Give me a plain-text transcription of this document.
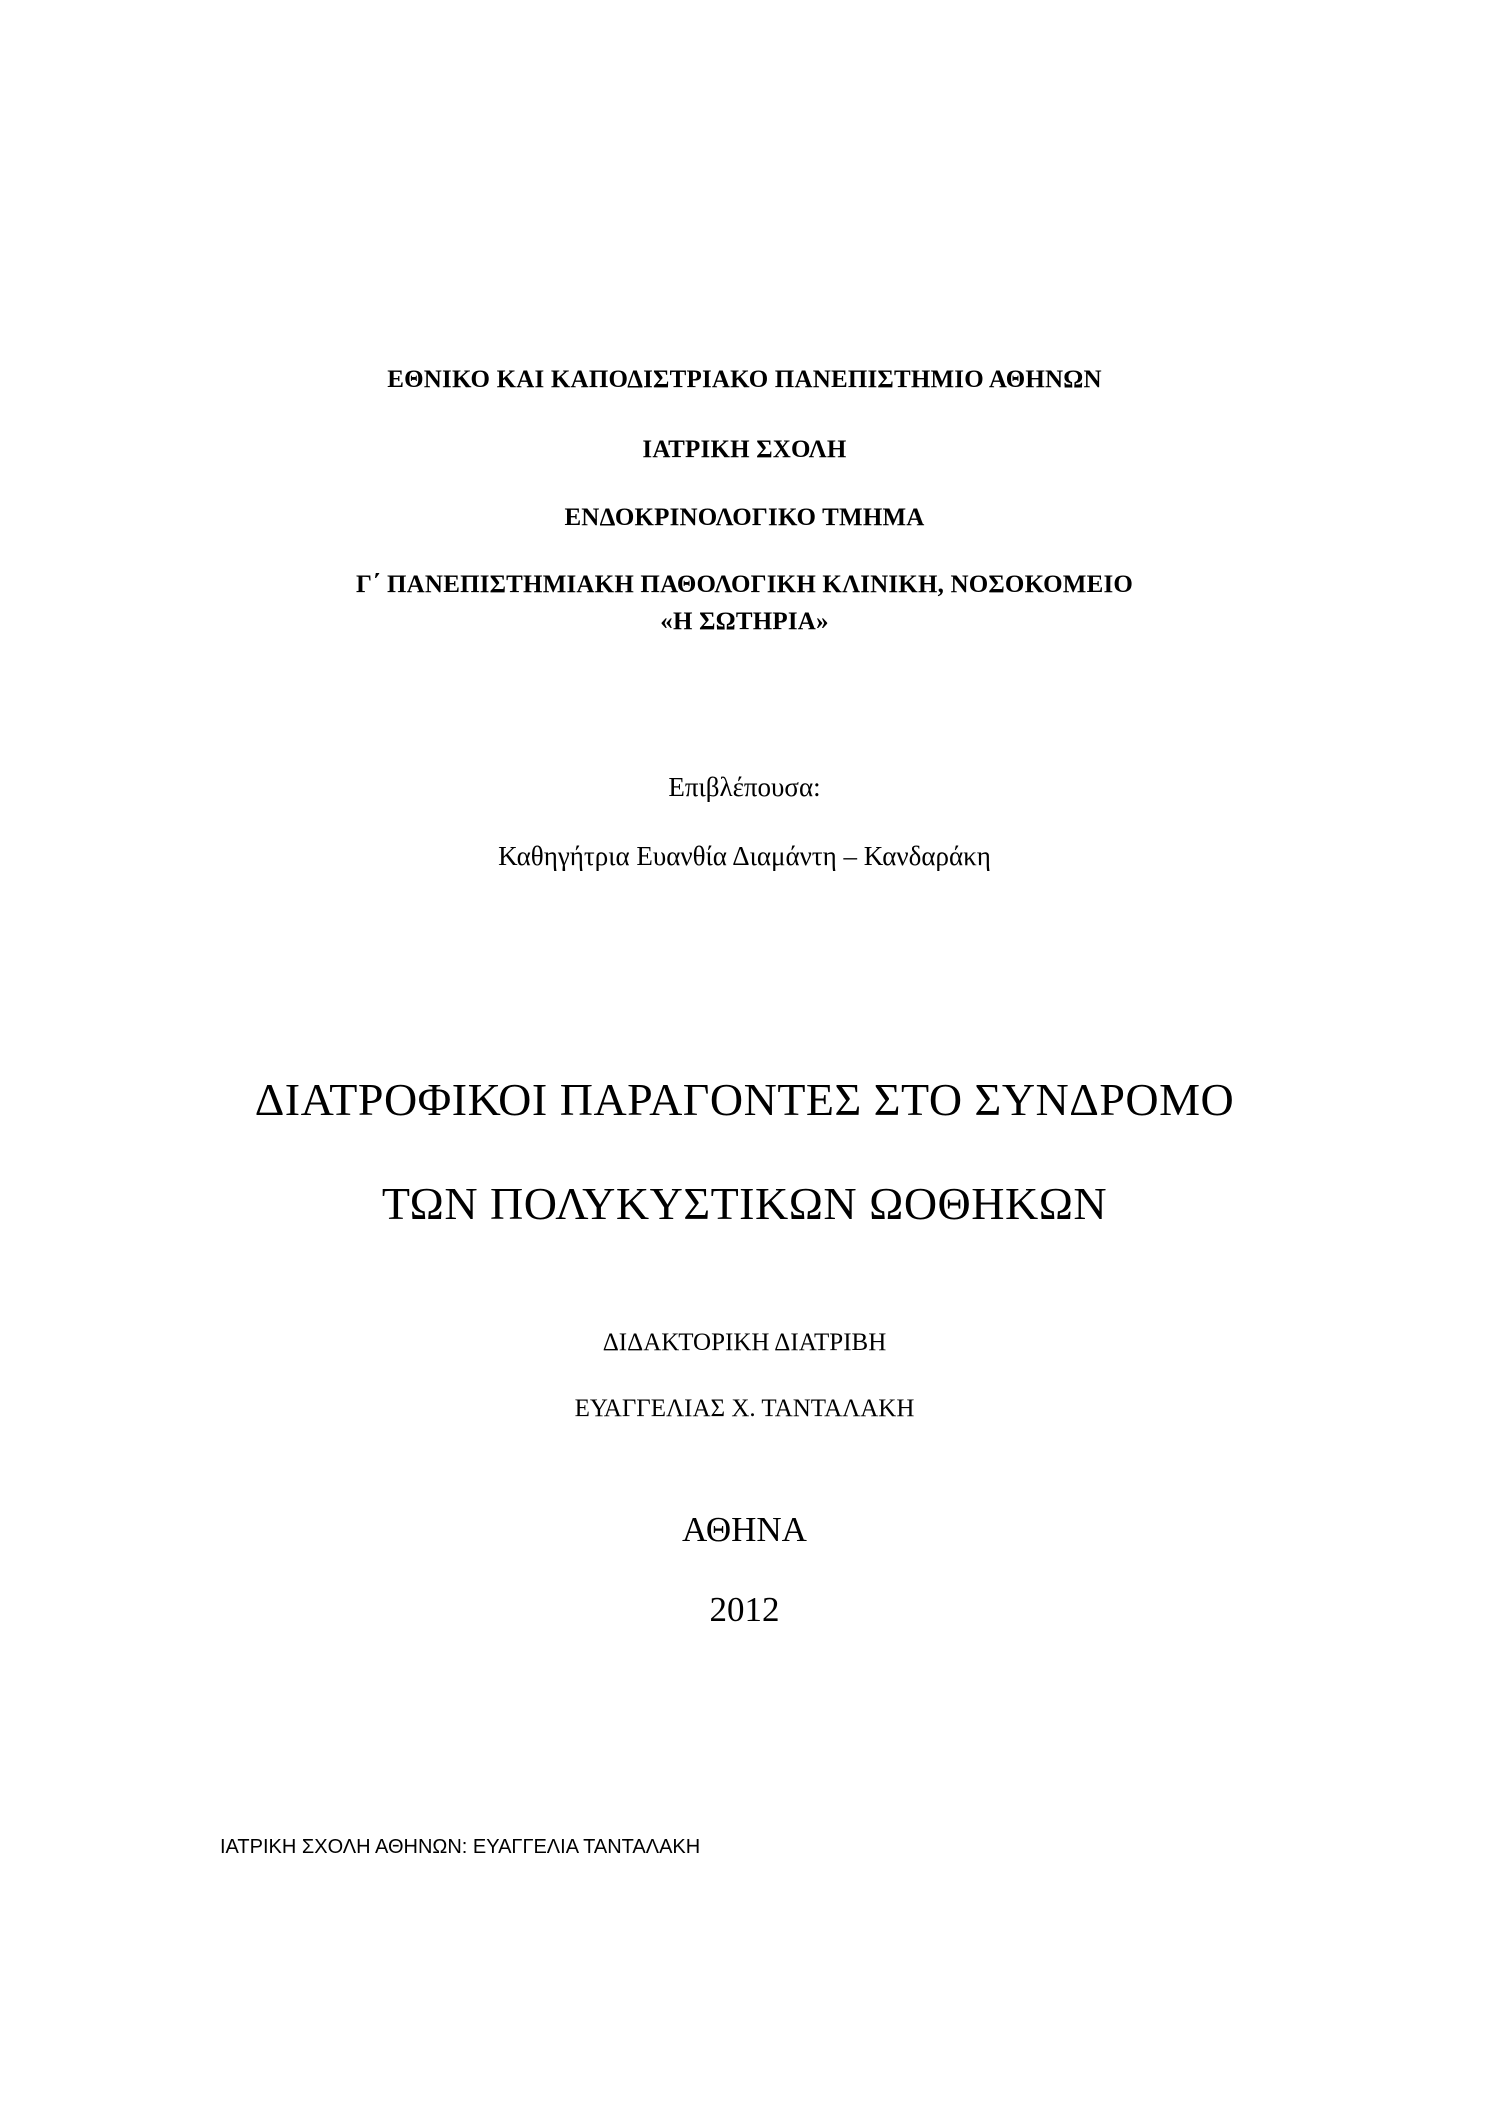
ΕΘΝΙΚΟ ΚΑΙ ΚΑΠΟΔΙΣΤΡΙΑΚΟ ΠΑΝΕΠΙΣΤΗΜΙΟ ΑΘΗΝΩΝ
ΙΑΤΡΙΚΗ ΣΧΟΛΗ
ΕΝΔΟΚΡΙΝΟΛΟΓΙΚΟ ΤΜΗΜΑ
Γ΄ ΠΑΝΕΠΙΣΤΗΜΙΑΚΗ ΠΑΘΟΛΟΓΙΚΗ ΚΛΙΝΙΚΗ, ΝΟΣΟΚΟΜΕΙΟ
«Η ΣΩΤΗΡΙΑ»
Επιβλέπουσα:
Καθηγήτρια Ευανθία Διαμάντη – Κανδαράκη
ΔΙΑΤΡΟΦΙΚΟΙ ΠΑΡΑΓΟΝΤΕΣ ΣΤΟ ΣΥΝΔΡΟΜΟ
ΤΩΝ ΠΟΛΥΚΥΣΤΙΚΩΝ ΩΟΘΗΚΩΝ
ΔΙΔΑΚΤΟΡΙΚΗ ΔΙΑΤΡΙΒΗ
ΕΥΑΓΓΕΛΙΑΣ Χ. ΤΑΝΤΑΛΑΚΗ
ΑΘΗΝΑ
2012
ΙΑΤΡΙΚΗ ΣΧΟΛΗ ΑΘΗΝΩΝ: ΕΥΑΓΓΕΛΙΑ ΤΑΝΤΑΛΑΚΗ
